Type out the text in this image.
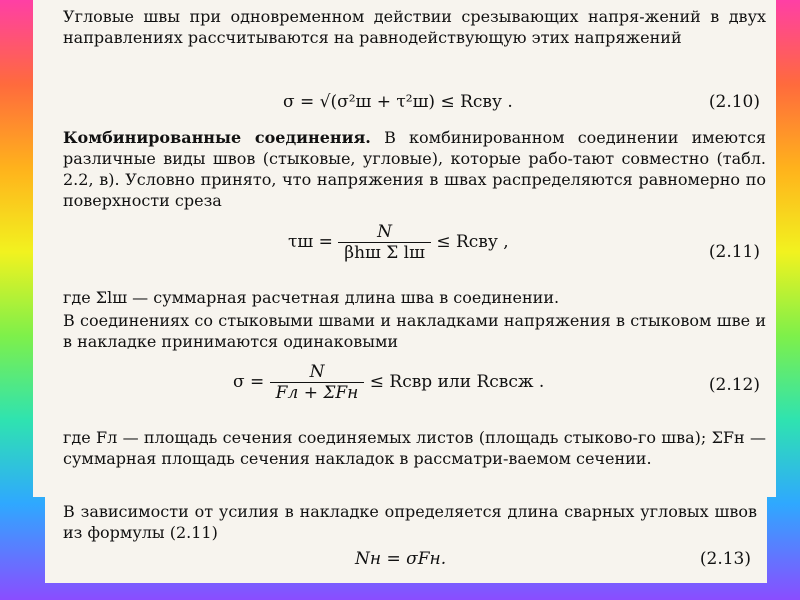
Угловые швы при одновременном действии срезывающих напря-жений в двух направлениях рассчитываются на равнодействующую этих напряжений

σ = √(σ²ш + τ²ш) ≤ Rсву .	(2.10)

Комбинированные соединения. В комбинированном соединении имеются различные виды швов (стыковые, угловые), которые рабо-тают совместно (табл. 2.2, в). Условно принято, что напряжения в швах распределяются равномерно по поверхности среза

$\tau ш = \frac{N}{\text{βhш Σ lш}}$ ≤ Rсву ,	(2.11)

где Σlш — суммарная расчетная длина шва в соединении.

В соединениях со стыковыми швами и накладками напряжения в стыковом шве и в накладке принимаются одинаковыми

$\sigma = \frac{N}{\text{Fл + ΣFн}}$ ≤ Rсвр или Rсвсж .	(2.12)

где Fл — площадь сечения соединяемых листов (площадь стыково-го шва); ΣFн — суммарная площадь сечения накладок в рассматри-ваемом сечении.

В зависимости от усилия в накладке определяется длина сварных угловых швов из формулы (2.11)

Nн = σFн.	(2.13)
